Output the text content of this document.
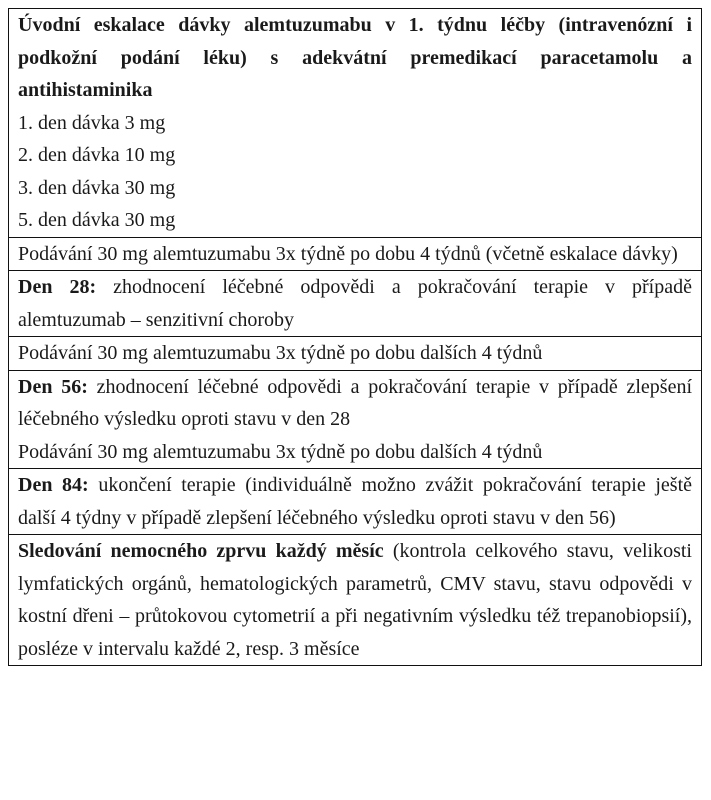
Úvodní eskalace dávky alemtuzumabu v 1. týdnu léčby (intravenózní i podkožní podání léku) s adekvátní premedikací paracetamolu a antihistaminika

1. den dávka 3 mg
2. den dávka 10 mg
3. den dávka 30 mg
5. den dávka 30 mg

Podávání 30 mg alemtuzumabu 3x týdně po dobu 4 týdnů (včetně eskalace dávky)

Den 28: zhodnocení léčebné odpovědi a pokračování terapie v případě alemtuzumab – senzitivní choroby

Podávání 30 mg alemtuzumabu 3x týdně po dobu dalších 4 týdnů

Den 56: zhodnocení léčebné odpovědi a pokračování terapie v případě zlepšení léčebného výsledku oproti stavu v den 28

Podávání 30 mg alemtuzumabu 3x týdně po dobu dalších 4 týdnů

Den 84: ukončení terapie (individuálně možno zvážit pokračování terapie ještě další 4 týdny v případě zlepšení léčebného výsledku oproti stavu v den 56)

Sledování nemocného zprvu každý měsíc (kontrola celkového stavu, velikosti lymfatických orgánů, hematologických parametrů, CMV stavu, stavu odpovědi v kostní dřeni – průtokovou cytometrií a při negativním výsledku též trepanobiopsií), posléze v intervalu každé 2, resp. 3 měsíce
